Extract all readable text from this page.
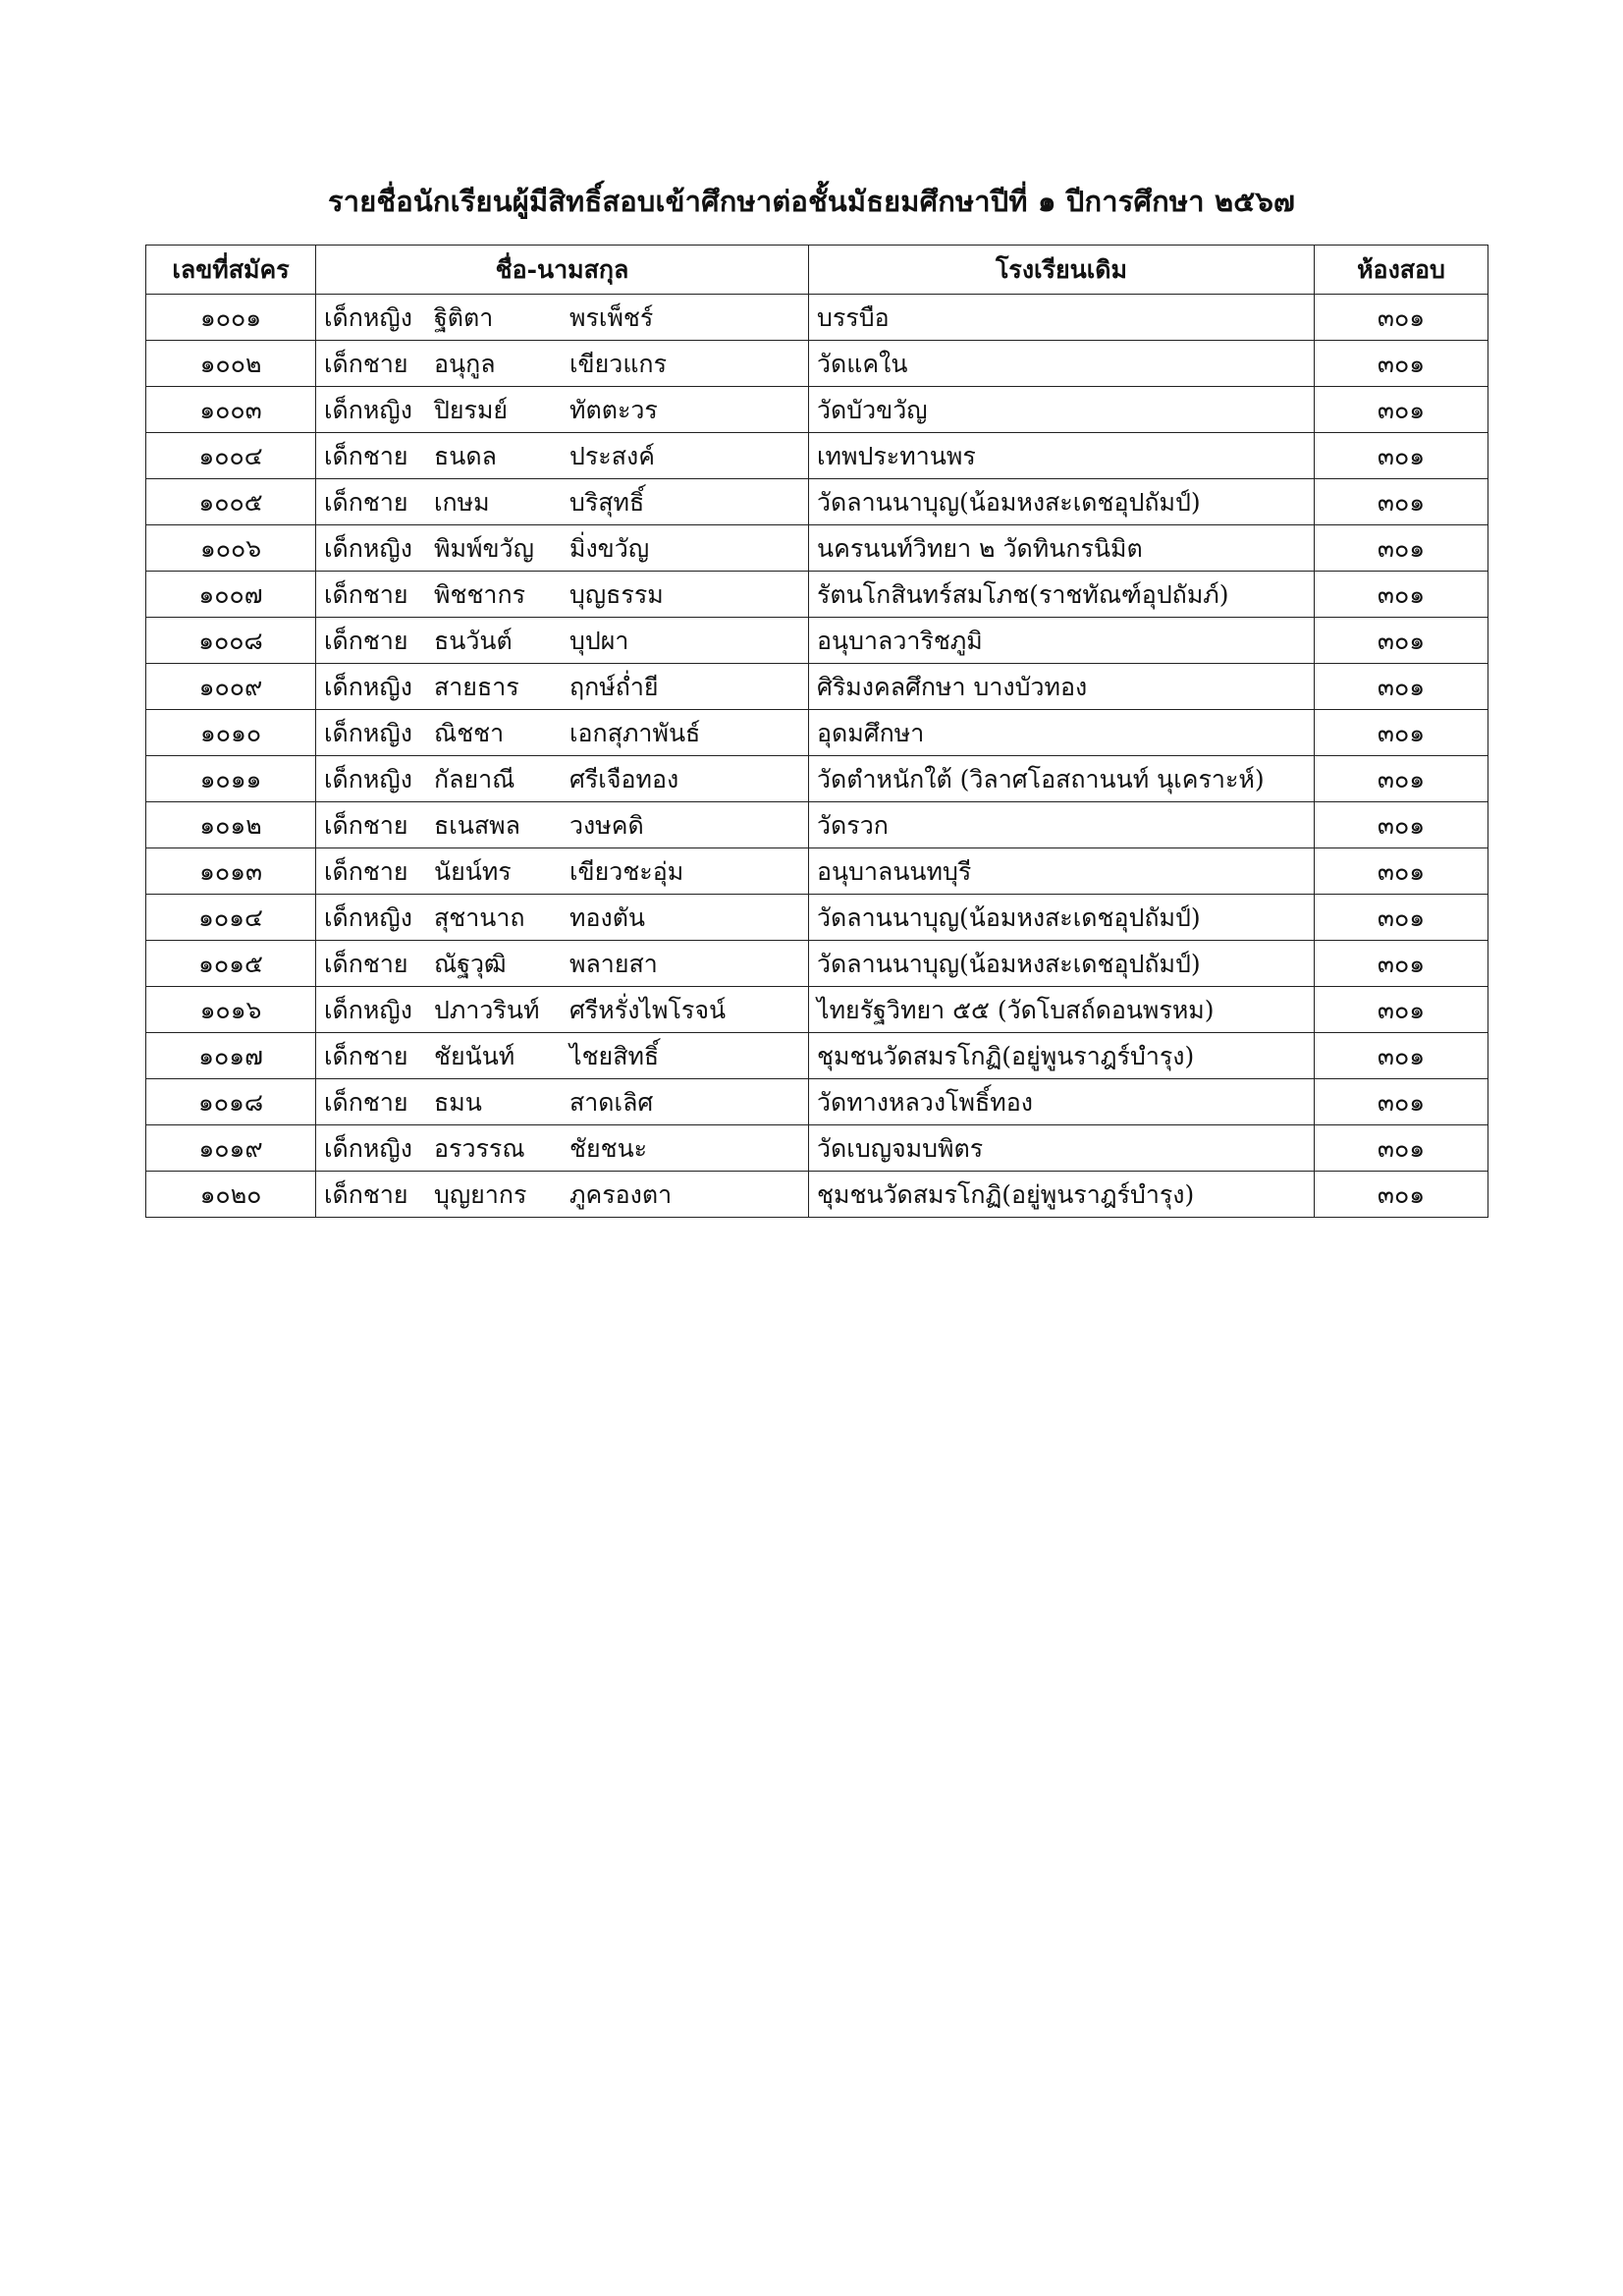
รายชื่อนักเรียนผู้มีสิทธิ์สอบเข้าศึกษาต่อชั้นมัธยมศึกษาปีที่ ๑ ปีการศึกษา ๒๕๖๗
เลขที่สมัคร	ชื่อ-นามสกุล	โรงเรียนเดิม	ห้องสอบ
๑๐๐๑	เด็กหญิง ฐิติตา พรเพ็ชร์	บรรบือ	๓๐๑
๑๐๐๒	เด็กชาย อนุกูล เขียวแกร	วัดแคใน	๓๐๑
๑๐๐๓	เด็กหญิง ปิยรมย์ ทัตตะวร	วัดบัวขวัญ	๓๐๑
๑๐๐๔	เด็กชาย ธนดล ประสงค์	เทพประทานพร	๓๐๑
๑๐๐๕	เด็กชาย เกษม บริสุทธิ์	วัดลานนาบุญ(น้อมหงสะเดชอุปถัมป์)	๓๐๑
๑๐๐๖	เด็กหญิง พิมพ์ขวัญ มิ่งขวัญ	นครนนท์วิทยา ๒ วัดทินกรนิมิต	๓๐๑
๑๐๐๗	เด็กชาย พิชชากร บุญธรรม	รัตนโกสินทร์สมโภช(ราชทัณฑ์อุปถัมภ์)	๓๐๑
๑๐๐๘	เด็กชาย ธนวันต์ บุปผา	อนุบาลวาริชภูมิ	๓๐๑
๑๐๐๙	เด็กหญิง สายธาร ฤกษ์ถ่ำยี	ศิริมงคลศึกษา บางบัวทอง	๓๐๑
๑๐๑๐	เด็กหญิง ณิชชา เอกสุภาพันธ์	อุดมศึกษา	๓๐๑
๑๐๑๑	เด็กหญิง กัลยาณี ศรีเจือทอง	วัดตำหนักใต้ (วิลาศโอสถานนท์ นุเคราะห์)	๓๐๑
๑๐๑๒	เด็กชาย ธเนสพล วงษคดิ	วัดรวก	๓๐๑
๑๐๑๓	เด็กชาย นัยน์ทร เขียวชะอุ่ม	อนุบาลนนทบุรี	๓๐๑
๑๐๑๔	เด็กหญิง สุชานาถ ทองตัน	วัดลานนาบุญ(น้อมหงสะเดชอุปถัมป์)	๓๐๑
๑๐๑๕	เด็กชาย ณัฐวุฒิ พลายสา	วัดลานนาบุญ(น้อมหงสะเดชอุปถัมป์)	๓๐๑
๑๐๑๖	เด็กหญิง ปภาวรินท์ ศรีหรั่งไพโรจน์	ไทยรัฐวิทยา ๕๕ (วัดโบสถ์ดอนพรหม)	๓๐๑
๑๐๑๗	เด็กชาย ชัยนันท์ ไชยสิทธิ์	ชุมชนวัดสมรโกฏิ(อยู่พูนราฎร์บำรุง)	๓๐๑
๑๐๑๘	เด็กชาย ธมน สาดเลิศ	วัดทางหลวงโพธิ์ทอง	๓๐๑
๑๐๑๙	เด็กหญิง อรวรรณ ชัยชนะ	วัดเบญจมบพิตร	๓๐๑
๑๐๒๐	เด็กชาย บุญยากร ภูครองตา	ชุมชนวัดสมรโกฏิ(อยู่พูนราฎร์บำรุง)	๓๐๑
